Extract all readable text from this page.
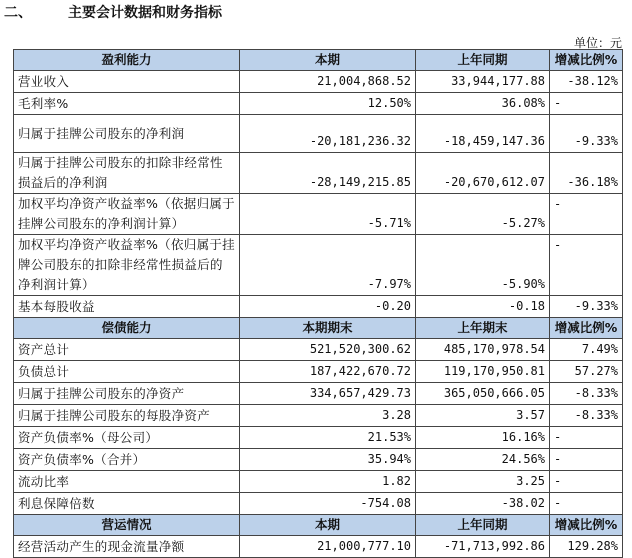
二、	主要会计数据和财务指标
单位：元
盈利能力	本期	上年同期	增减比例%
营业收入	21,004,868.52	33,944,177.88	-38.12%
毛利率%	12.50%	36.08%	-
归属于挂牌公司股东的净利润	-20,181,236.32	-18,459,147.36	-9.33%
归属于挂牌公司股东的扣除非经常性损益后的净利润	-28,149,215.85	-20,670,612.07	-36.18%
加权平均净资产收益率%（依据归属于挂牌公司股东的净利润计算）	-5.71%	-5.27%	-
加权平均净资产收益率%（依归属于挂牌公司股东的扣除非经常性损益后的净利润计算）	-7.97%	-5.90%	-
基本每股收益	-0.20	-0.18	-9.33%
偿债能力	本期期末	上年期末	增减比例%
资产总计	521,520,300.62	485,170,978.54	7.49%
负债总计	187,422,670.72	119,170,950.81	57.27%
归属于挂牌公司股东的净资产	334,657,429.73	365,050,666.05	-8.33%
归属于挂牌公司股东的每股净资产	3.28	3.57	-8.33%
资产负债率%（母公司）	21.53%	16.16%	-
资产负债率%（合并）	35.94%	24.56%	-
流动比率	1.82	3.25	-
利息保障倍数	-754.08	-38.02	-
营运情况	本期	上年同期	增减比例%
经营活动产生的现金流量净额	21,000,777.10	-71,713,992.86	129.28%
